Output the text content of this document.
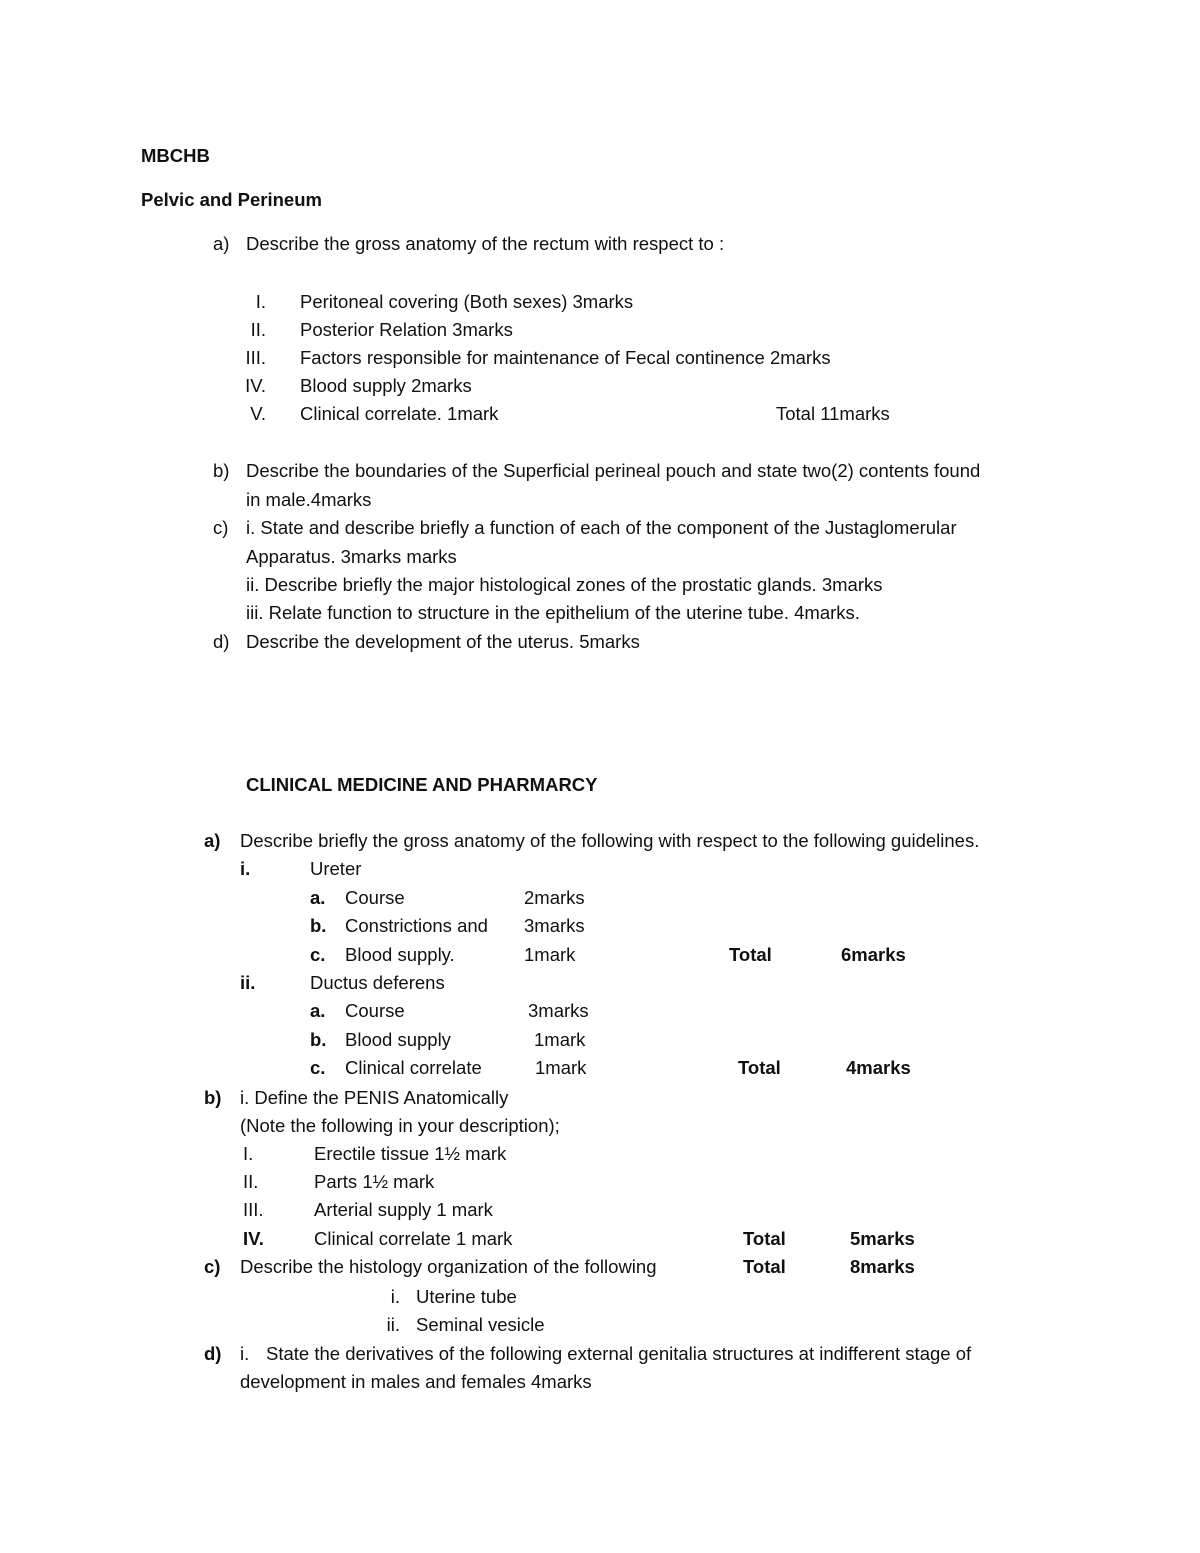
MBCHB
Pelvic and Perineum
a) Describe the gross anatomy of the rectum with respect to :
I. Peritoneal covering (Both sexes) 3marks
II. Posterior Relation 3marks
III. Factors responsible for maintenance of Fecal continence 2marks
IV. Blood supply 2marks
V. Clinical correlate. 1mark	Total 11marks
b) Describe the boundaries of the Superficial perineal pouch and state two(2) contents found
in male.4marks
c) i. State and describe briefly a function of each of the component of the Justaglomerular
Apparatus. 3marks marks
ii. Describe briefly the major histological zones of the prostatic glands. 3marks
iii. Relate function to structure in the epithelium of the uterine tube. 4marks.
d) Describe the development of the uterus. 5marks
CLINICAL MEDICINE AND PHARMARCY
a) Describe briefly the gross anatomy of the following with respect to the following guidelines.
i.	Ureter
a. Course	2marks
b. Constrictions and 3marks
c. Blood supply.	1mark	Total	6marks
ii.	Ductus deferens
a. Course	3marks
b. Blood supply	1mark
c. Clinical correlate	1mark	Total	4marks
b) i. Define the PENIS Anatomically
(Note the following in your description);
I.	Erectile tissue 1½ mark
II.	Parts 1½ mark
III.	Arterial supply 1 mark
IV.	Clinical correlate 1 mark	Total	5marks
c) Describe the histology organization of the following	Total	8marks
i. Uterine tube
ii. Seminal vesicle
d) i. State the derivatives of the following external genitalia structures at indifferent stage of
development in males and females 4marks
